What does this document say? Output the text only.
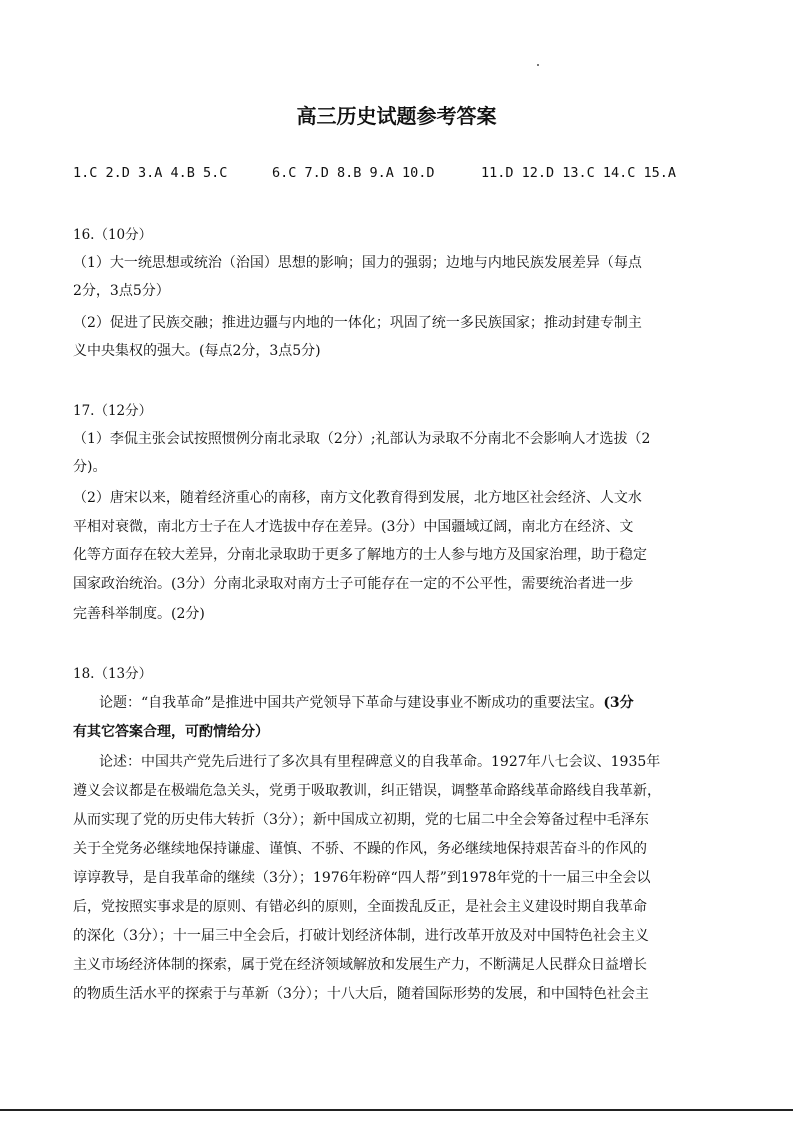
高三历史试题参考答案
1.C 2.D 3.A 4.B 5.C	6.C 7.D 8.B 9.A 10.D	11.D 12.D 13.C 14.C 15.A
16.（10分）
（1）大一统思想或统治（治国）思想的影响；国力的强弱；边地与内地民族发展差异（每点
2分，3点5分）
（2）促进了民族交融；推进边疆与内地的一体化；巩固了统一多民族国家；推动封建专制主
义中央集权的强大。(每点2分，3点5分)
17.（12分）
（1）李侃主张会试按照惯例分南北录取（2分）;礼部认为录取不分南北不会影响人才选拔（2
分)。
（2）唐宋以来，随着经济重心的南移，南方文化教育得到发展，北方地区社会经济、人文水
平相对衰微，南北方士子在人才选拔中存在差异。(3分）中国疆域辽阔，南北方在经济、文
化等方面存在较大差异，分南北录取助于更多了解地方的士人参与地方及国家治理，助于稳定
国家政治统治。(3分）分南北录取对南方士子可能存在一定的不公平性，需要统治者进一步
完善科举制度。(2分)
18.（13分）
论题：“自我革命”是推进中国共产党领导下革命与建设事业不断成功的重要法宝。(3分
有其它答案合理，可酌情给分）
论述：中国共产党先后进行了多次具有里程碑意义的自我革命。1927年八七会议、1935年
遵义会议都是在极端危急关头，党勇于吸取教训，纠正错误，调整革命路线革命路线自我革新，
从而实现了党的历史伟大转折（3分）；新中国成立初期，党的七届二中全会筹备过程中毛泽东
关于全党务必继续地保持谦虚、谨慎、不骄、不躁的作风，务必继续地保持艰苦奋斗的作风的
谆谆教导，是自我革命的继续（3分）；1976年粉碎“四人帮”到1978年党的十一届三中全会以
后，党按照实事求是的原则、有错必纠的原则，全面拨乱反正，是社会主义建设时期自我革命
的深化（3分）；十一届三中全会后，打破计划经济体制，进行改革开放及对中国特色社会主义
主义市场经济体制的探索，属于党在经济领域解放和发展生产力，不断满足人民群众日益增长
的物质生活水平的探索于与革新（3分）；十八大后，随着国际形势的发展，和中国特色社会主
